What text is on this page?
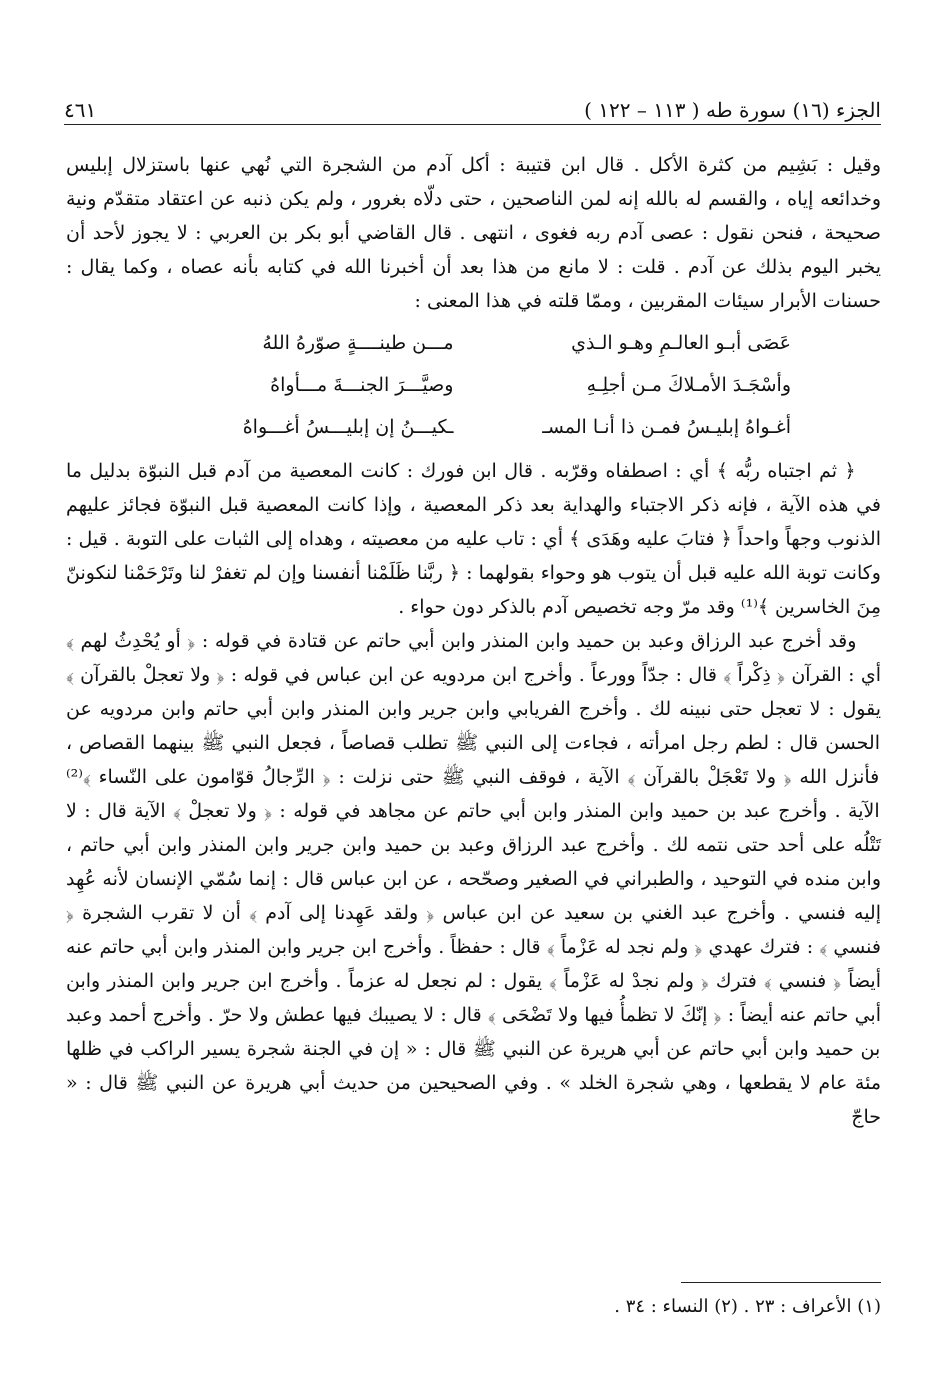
الجزء (١٦) سورة طه ( ١١٣ – ١٢٢ )
٤٦١

وقيل : بَشِيم من كثرة الأكل . قال ابن قتيبة : أكل آدم من الشجرة التي نُهي عنها باستزلال إبليس وخدائعه إياه ، والقسم له بالله إنه لمن الناصحين ، حتى دلّاه بغرور ، ولم يكن ذنبه عن اعتقاد متقدّم ونية صحيحة ، فنحن نقول : عصى آدم ربه فغوى ، انتهى . قال القاضي أبو بكر بن العربي : لا يجوز لأحد أن يخبر اليوم بذلك عن آدم . قلت : لا مانع من هذا بعد أن أخبرنا الله في كتابه بأنه عصاه ، وكما يقال : حسنات الأبرار سيئات المقربين ، وممّا قلته في هذا المعنى :

عَصَى أبـو العالـمِ وهـو الـذي
مـــن طينــــةٍ صوّرهُ اللهُ
وأسْجَـدَ الأمـلاكَ مـن أجلِـهِ
وصيَّـــرَ الجنـــةَ مـــأواهُ
أغـواهُ إبليـسُ فمـن ذا أنـا المسـ
ـكيـــنُ إن إبليـــسُ أغـــواهُ

﴿ ثم اجتباه ربُّه ﴾ أي : اصطفاه وقرّبه . قال ابن فورك : كانت المعصية من آدم قبل النبوّة بدليل ما في هذه الآية ، فإنه ذكر الاجتباء والهداية بعد ذكر المعصية ، وإذا كانت المعصية قبل النبوّة فجائز عليهم الذنوب وجهاً واحداً ﴿ فتابَ عليه وهَدَى ﴾ أي : تاب عليه من معصيته ، وهداه إلى الثبات على التوبة . قيل : وكانت توبة الله عليه قبل أن يتوب هو وحواء بقولهما : ﴿ ربَّنا ظَلَمْنا أنفسنا وإن لم تغفرْ لنا وتَرْحَمْنا لنكوننّ مِنَ الخاسرين ﴾⁽¹⁾ وقد مرّ وجه تخصيص آدم بالذكر دون حواء .

وقد أخرج عبد الرزاق وعبد بن حميد وابن المنذر وابن أبي حاتم عن قتادة في قوله : ﴿ أو يُحْدِثُ لهم ﴾ أي : القرآن ﴿ ذِكْراً ﴾ قال : جدّاً وورعاً . وأخرج ابن مردويه عن ابن عباس في قوله : ﴿ ولا تعجلْ بالقرآن ﴾ يقول : لا تعجل حتى نبينه لك . وأخرج الفريابي وابن جرير وابن المنذر وابن أبي حاتم وابن مردويه عن الحسن قال : لطم رجل امرأته ، فجاءت إلى النبي ﷺ تطلب قصاصاً ، فجعل النبي ﷺ بينهما القصاص ، فأنزل الله ﴿ ولا تَعْجَلْ بالقرآن ﴾ الآية ، فوقف النبي ﷺ حتى نزلت : ﴿ الرِّجالُ قوّامون على النّساء ﴾⁽²⁾ الآية . وأخرج عبد بن حميد وابن المنذر وابن أبي حاتم عن مجاهد في قوله : ﴿ ولا تعجلْ ﴾ الآية قال : لا تَتْلُه على أحد حتى نتمه لك . وأخرج عبد الرزاق وعبد بن حميد وابن جرير وابن المنذر وابن أبي حاتم ، وابن منده في التوحيد ، والطبراني في الصغير وصحّحه ، عن ابن عباس قال : إنما سُمّي الإنسان لأنه عُهِد إليه فنسي . وأخرج عبد الغني بن سعيد عن ابن عباس ﴿ ولقد عَهِدنا إلى آدم ﴾ أن لا تقرب الشجرة ﴿ فنسي ﴾ : فترك عهدي ﴿ ولم نجد له عَزْماً ﴾ قال : حفظاً . وأخرج ابن جرير وابن المنذر وابن أبي حاتم عنه أيضاً ﴿ فنسي ﴾ فترك ﴿ ولم نجدْ له عَزْماً ﴾ يقول : لم نجعل له عزماً . وأخرج ابن جرير وابن المنذر وابن أبي حاتم عنه أيضاً : ﴿ إنّكَ لا تظمأُ فيها ولا تَضْحَى ﴾ قال : لا يصيبك فيها عطش ولا حرّ . وأخرج أحمد وعبد بن حميد وابن أبي حاتم عن أبي هريرة عن النبي ﷺ قال : « إن في الجنة شجرة يسير الراكب في ظلها مئة عام لا يقطعها ، وهي شجرة الخلد » . وفي الصحيحين من حديث أبي هريرة عن النبي ﷺ قال : « حاجّ

(١) الأعراف : ٢٣ . (٢) النساء : ٣٤ .
